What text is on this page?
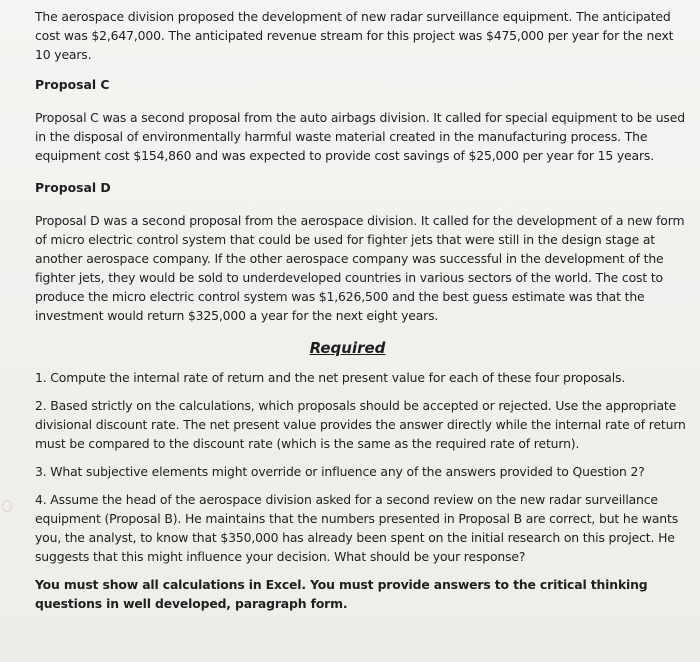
The aerospace division proposed the development of new radar surveillance equipment. The anticipated cost was $2,647,000. The anticipated revenue stream for this project was $475,000 per year for the next 10 years.

Proposal C

Proposal C was a second proposal from the auto airbags division. It called for special equipment to be used in the disposal of environmentally harmful waste material created in the manufacturing process. The equipment cost $154,860 and was expected to provide cost savings of $25,000 per year for 15 years.

Proposal D

Proposal D was a second proposal from the aerospace division. It called for the development of a new form of micro electric control system that could be used for fighter jets that were still in the design stage at another aerospace company. If the other aerospace company was successful in the development of the fighter jets, they would be sold to underdeveloped countries in various sectors of the world. The cost to produce the micro electric control system was $1,626,500 and the best guess estimate was that the investment would return $325,000 a year for the next eight years.

Required
1. Compute the internal rate of return and the net present value for each of these four proposals.
2. Based strictly on the calculations, which proposals should be accepted or rejected. Use the appropriate divisional discount rate. The net present value provides the answer directly while the internal rate of return must be compared to the discount rate (which is the same as the required rate of return).
3. What subjective elements might override or influence any of the answers provided to Question 2?
4. Assume the head of the aerospace division asked for a second review on the new radar surveillance equipment (Proposal B). He maintains that the numbers presented in Proposal B are correct, but he wants you, the analyst, to know that $350,000 has already been spent on the initial research on this project. He suggests that this might influence your decision. What should be your response?

You must show all calculations in Excel. You must provide answers to the critical thinking questions in well developed, paragraph form.
